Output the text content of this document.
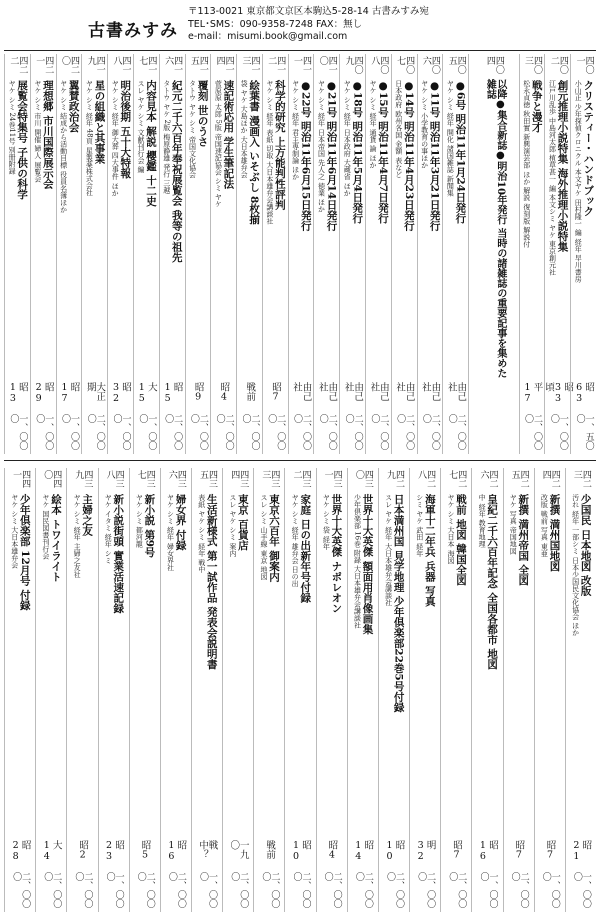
古書みすみ
〒113-0021 東京都文京区本駒込5-28-14 古書みすみ宛
TEL･SMS：090-9358-7248 FAX：無し
e-mail：misumi.book@gmail.com
四〇一
クリスティー・ハンドブック
小山正 少年探偵クロニクル 本文ヤケ 田村隆一 編 経年 早川書房
昭63
一、五〇〇
四〇二
創元推理小説特集 海外推理小説特集
江戸川乱歩 中島河太郎 植草甚一 編 本文シミ ヤケ 東京創元社
昭33頃
一、〇〇〇
四〇三
戦争と漫才
松永貞徳 秋田實 新興演芸部 ほか 解説 復刻版 解説付
平17
二、〇〇〇
四〇四
以降●集合新誌●明治10年発行 当時の諸雑誌の重要記事を集めた雑誌
四〇五
●6号 明治11年1月24日発行
ヤケ シミ 経年 開化 諸国雑誌 新聞集
由己社
二、〇〇〇
四〇六
●11号 明治11年3月21日発行
ヤケ シミ 小学教育の事ほか
由己社
二、〇〇〇
四〇七
●14号 明治11年4月23日発行
日本政府 欧州各国 金額 表など
由己社
二、〇〇〇
四〇八
●15号 明治11年4月7日発行
ヤケ シミ 経年 通貨 論 ほか
由己社
二、〇〇〇
四〇九
●18号 明治11年5月4日発行
ヤケ シミ 経年 日本政府 大蔵省 ほか
由己社
二、〇〇〇
四一〇
●21号 明治11年6月14日発行
ヤケ シミ 経年 日本帝国 先人之 徳業 ほか
由己社
二、〇〇〇
四一一
●22号 明治11年6月15日発行
ヤケ シミ 経年 君主専制論 ほか
由己社
二、〇〇〇
四一二
科学的研究 上方能判性評判
ヤケ シミ 経年 表紙 切取 大日本雄弁会講談社
昭7
二、〇〇〇
四一三
絵葉書 漫画入 いそぶし 8枚揃
袋 ヤケ 大島ほか 大日本雄弁会
戦前
二、〇〇〇
四一四
速記術応用 学生筆記法
菅原原 太郎 5版 帝国速記協会 シミ ヤケ
昭4
二、〇〇〇
四一五
覆刻 世のうさ
タトウ ヤケ シミ 帝国文化協会
昭9
二、〇〇〇
四一六
紀元二千六百年奉祝展覧会 我等の祖先
タトウ ヤケ 2版 梅原静雄 発行 三越
昭15
二、〇〇〇
四一七
内容見本 解説 櫻鑑 十二史
スレ ヤケ シミ 文献刊行会 編
大15
一、〇〇〇
四一八
明治後期 五十大特報
ヤケ シミ 経年 御大葬 四大事件 ほか
昭32
一、〇〇〇
四一九
星の組織と其事業
ヤケ シミ 経年 48頁 星製薬株式会社
大正期
二、〇〇〇
四二〇
翼賛政治会
ヤケ シミ 結成から活動目標 役員名簿ほか
昭17
一、〇〇〇
四二一
理想郷 市川国際展示会
ヤケ シミ 市川 開催 婦人 展覧会
昭29
一、〇〇〇
四二二
展覧会特集号 子供の科学
ヤケ シミ 24巻11号 別冊附録
昭13
一、〇〇〇
四二三
少国民 日本地図 改版
汚れ 経年 一部シミ 日本少国民文化協会 ほか
昭21
一、〇〇〇
四二四
新撰 満州国地図
改版 戦前 写真 東亜
昭7
一、〇〇〇
四二五
新撰 満州帝国 全図
ヤケ 写真 帝国地図
昭7
二、〇〇〇
四二六
皇紀二千六百年記念 全国各都市 地図
中 経年 教育地理
昭16
一、〇〇〇
四二七
戦前 地図 韓国全図
ヤケ シミ 大日本 海図
昭7
二、〇〇〇
四二八
海軍十二年兵 兵器 写真
シミ ヤケ 武田 経年
明32
二、〇〇〇
四二九
日本満州国 見学地理 少年倶楽部22巻5号付録
スレ ヤケ 経年 大日本雄弁会講談社
昭10
二、〇〇〇
四三〇
世界十大英傑 額面用肖像画集
少年倶楽部 16巻 附録 大日本雄弁会講談社
昭14
二、〇〇〇
四三一
世界十大英傑 ナポレオン
ヤケ シミ 袋 経年
昭4
二、〇〇〇
四三二
家庭 日の出新年号付録
ヤケ シミ 経年 雄弁会 日の出
昭10
二、〇〇〇
四三三
東京六百年 御案内
スレ シミ 山手線 東京 地図
戦前
二、〇〇〇
四三四
東京 百貨店
スレ ヤケ シミ 案内
一九〇
二、〇〇〇
四三五
生活新様式 第一試作品 発表会説明書
表紙 ヤケ シミ 経年 戦中
戦中？
一、〇〇〇
四三六
婦女界 付録
ヤケ シミ 経年 婦女界社
昭16
二、〇〇〇
四三七
新小説 第9号
ヤケ シミ 都河龍
昭5
二、〇〇〇
四三八
新小説街頭 實業活速記録
ヤケ イタミ 経年 シミ
昭23
一、〇〇〇
四三九
主婦之友
ヤケ シミ 経年 主婦之友社
昭2
二、〇〇〇
四四〇
絵本 トワイライト
ヤケ 国民図書刊行会
大14
二、〇〇〇
四四一
少年倶楽部 12月号 付録
ヤケ シミ 大日本雄弁会
昭28
二、〇〇〇
